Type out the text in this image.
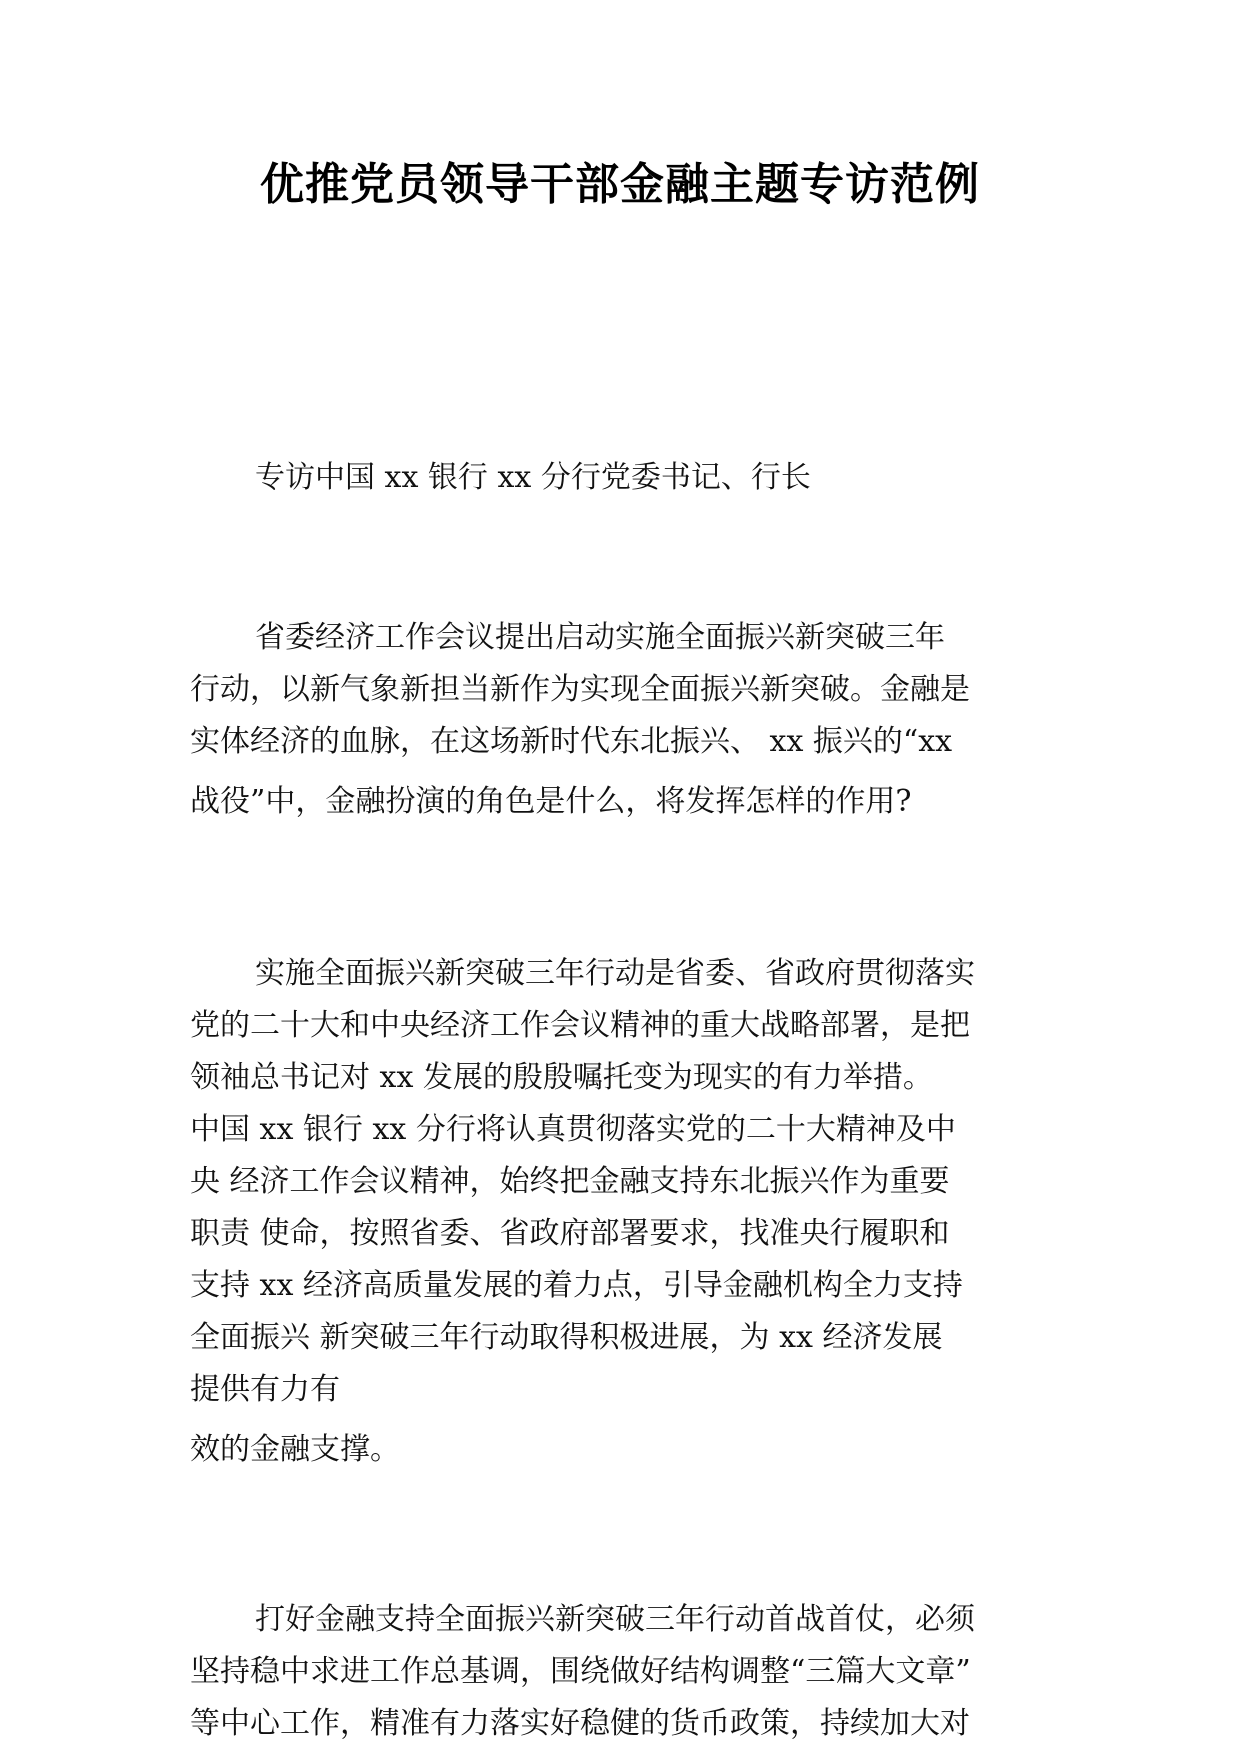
优推党员领导干部金融主题专访范例
专访中国 xx 银行 xx 分行党委书记、行长
省委经济工作会议提出启动实施全面振兴新突破三年
行动，以新气象新担当新作为实现全面振兴新突破。金融是
实体经济的血脉，在这场新时代东北振兴、 xx 振兴的“xx
战役”中，金融扮演的角色是什么，将发挥怎样的作用?
实施全面振兴新突破三年行动是省委、省政府贯彻落实
党的二十大和中央经济工作会议精神的重大战略部署，是把
领袖总书记对 xx 发展的殷殷嘱托变为现实的有力举措。
中国 xx 银行 xx 分行将认真贯彻落实党的二十大精神及中
央 经济工作会议精神，始终把金融支持东北振兴作为重要
职责 使命，按照省委、省政府部署要求，找准央行履职和
支持 xx 经济高质量发展的着力点，引导金融机构全力支持
全面振兴 新突破三年行动取得积极进展，为 xx 经济发展
提供有力有
效的金融支撑。
打好金融支持全面振兴新突破三年行动首战首仗，必须
坚持稳中求进工作总基调，围绕做好结构调整“三篇大文章”
等中心工作，精准有力落实好稳健的货币政策，持续加大对
